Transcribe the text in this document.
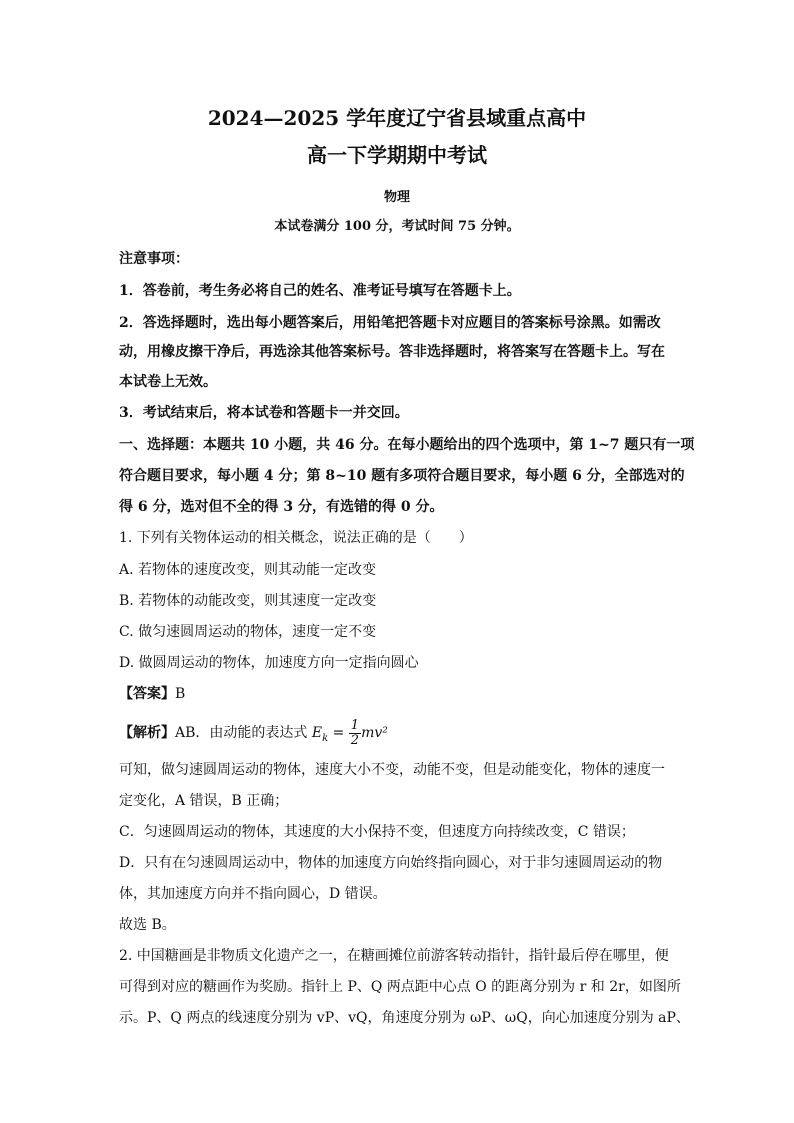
2024—2025 学年度辽宁省县域重点高中
高一下学期期中考试
物理
本试卷满分 100 分，考试时间 75 分钟。
注意事项：
1．答卷前，考生务必将自己的姓名、准考证号填写在答题卡上。
2．答选择题时，选出每小题答案后，用铅笔把答题卡对应题目的答案标号涂黑。如需改
动，用橡皮擦干净后，再选涂其他答案标号。答非选择题时，将答案写在答题卡上。写在
本试卷上无效。
3．考试结束后，将本试卷和答题卡一并交回。
一、选择题：本题共 10 小题，共 46 分。在每小题给出的四个选项中，第 1~7 题只有一项
符合题目要求，每小题 4 分；第 8~10 题有多项符合题目要求，每小题 6 分，全部选对的
得 6 分，选对但不全的得 3 分，有选错的得 0 分。
1. 下列有关物体运动的相关概念，说法正确的是（　　）
A. 若物体的速度改变，则其动能一定改变
B. 若物体的动能改变，则其速度一定改变
C. 做匀速圆周运动的物体，速度一定不变
D. 做圆周运动的物体，加速度方向一定指向圆心
【答案】B
【解析】AB．由动能的表达式 $E_k = \frac{1}{2} mv^2$
可知，做匀速圆周运动的物体，速度大小不变，动能不变，但是动能变化，物体的速度一
定变化，A 错误，B 正确；
C．匀速圆周运动的物体，其速度的大小保持不变，但速度方向持续改变，C 错误；
D．只有在匀速圆周运动中，物体的加速度方向始终指向圆心，对于非匀速圆周运动的物
体，其加速度方向并不指向圆心，D 错误。
故选 B。
2. 中国糖画是非物质文化遗产之一，在糖画摊位前游客转动指针，指针最后停在哪里，便
可得到对应的糖画作为奖励。指针上 P、Q 两点距中心点 O 的距离分别为 r 和 2r，如图所
示。P、Q 两点的线速度分别为 vP、vQ，角速度分别为 ωP、ωQ，向心加速度分别为 aP、
